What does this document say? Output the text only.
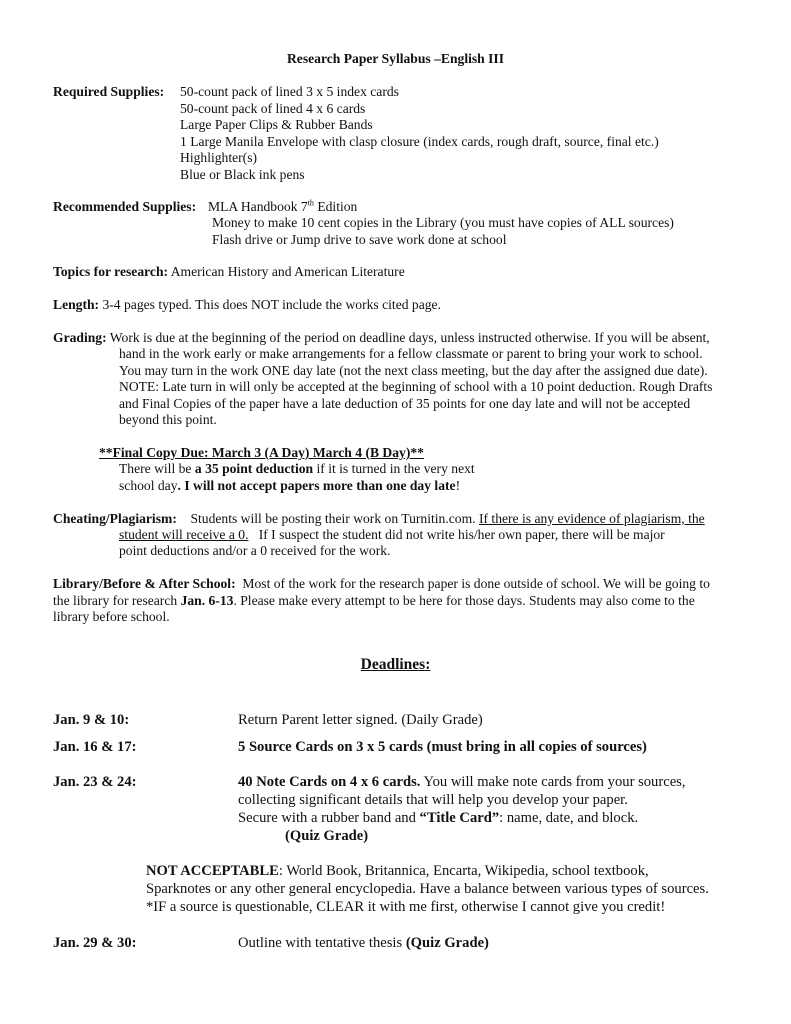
Research Paper Syllabus –English III
Required Supplies: 50-count pack of lined 3 x 5 index cards
50-count pack of lined 4 x 6 cards
Large Paper Clips & Rubber Bands
1 Large Manila Envelope with clasp closure (index cards, rough draft, source, final etc.)
Highlighter(s)
Blue or Black ink pens
Recommended Supplies: MLA Handbook 7th Edition
Money to make 10 cent copies in the Library (you must have copies of ALL sources)
Flash drive or Jump drive to save work done at school
Topics for research: American History and American Literature
Length: 3-4 pages typed. This does NOT include the works cited page.
Grading: Work is due at the beginning of the period on deadline days, unless instructed otherwise. If you will be absent,
hand in the work early or make arrangements for a fellow classmate or parent to bring your work to school.
You may turn in the work ONE day late (not the next class meeting, but the day after the assigned due date).
NOTE: Late turn in will only be accepted at the beginning of school with a 10 point deduction. Rough Drafts
and Final Copies of the paper have a late deduction of 35 points for one day late and will not be accepted
beyond this point.
**Final Copy Due: March 3 (A Day) March 4 (B Day)**
There will be a 35 point deduction if it is turned in the very next
school day. I will not accept papers more than one day late!
Cheating/Plagiarism: Students will be posting their work on Turnitin.com. If there is any evidence of plagiarism, the
student will receive a 0. If I suspect the student did not write his/her own paper, there will be major
point deductions and/or a 0 received for the work.
Library/Before & After School: Most of the work for the research paper is done outside of school. We will be going to
the library for research Jan. 6-13. Please make every attempt to be here for those days. Students may also come to the
library before school.
Deadlines:
Jan. 9 & 10:	Return Parent letter signed. (Daily Grade)
Jan. 16 & 17:	5 Source Cards on 3 x 5 cards (must bring in all copies of sources)
Jan. 23 & 24:	40 Note Cards on 4 x 6 cards. You will make note cards from your sources,
collecting significant details that will help you develop your paper.
Secure with a rubber band and “Title Card”: name, date, and block.
(Quiz Grade)
NOT ACCEPTABLE: World Book, Britannica, Encarta, Wikipedia, school textbook,
Sparknotes or any other general encyclopedia. Have a balance between various types of sources.
*IF a source is questionable, CLEAR it with me first, otherwise I cannot give you credit!
Jan. 29 & 30:	Outline with tentative thesis (Quiz Grade)
